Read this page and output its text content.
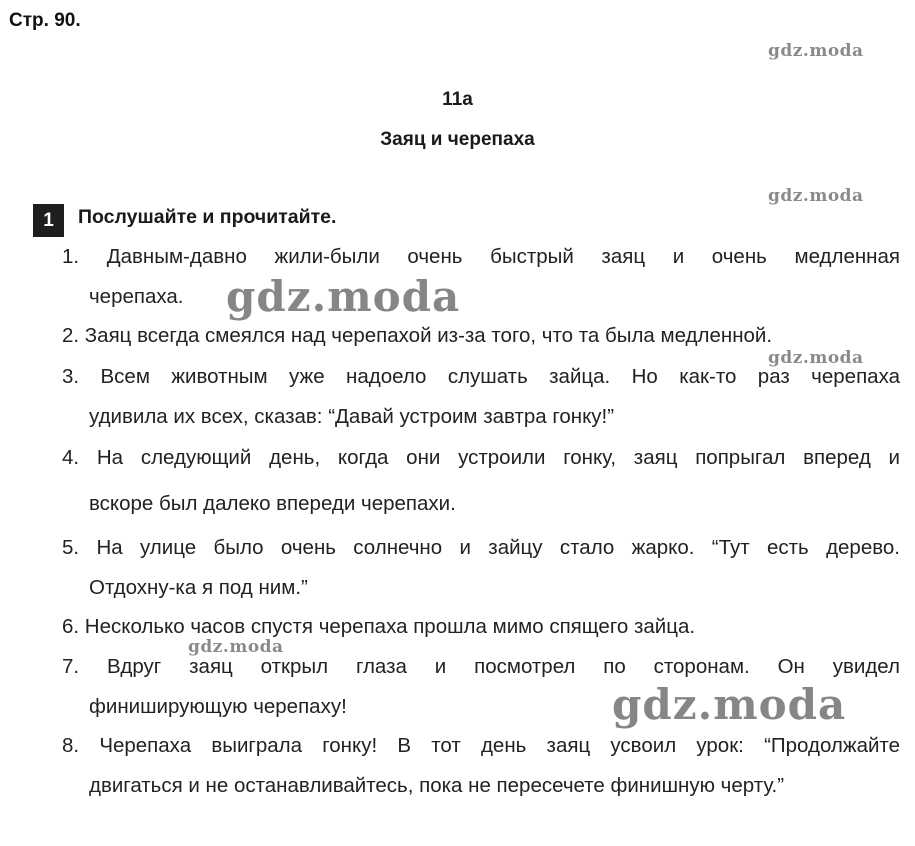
Стр. 90.
11a
Заяц и черепаха
1	Послушайте и прочитайте.
1. Давным-давно жили-были очень быстрый заяц и очень медленная
черепаха.
2. Заяц всегда смеялся над черепахой из-за того, что та была медленной.
3. Всем животным уже надоело слушать зайца. Но как-то раз черепаха
удивила их всех, сказав: “Давай устроим завтра гонку!”
4. На следующий день, когда они устроили гонку, заяц попрыгал вперед и
вскоре был далеко впереди черепахи.
5. На улице было очень солнечно и зайцу стало жарко. “Тут есть дерево.
Отдохну-ка я под ним.”
6. Несколько часов спустя черепаха прошла мимо спящего зайца.
7. Вдруг заяц открыл глаза и посмотрел по сторонам. Он увидел
финиширующую черепаху!
8. Черепаха выиграла гонку! В тот день заяц усвоил урок: “Продолжайте
двигаться и не останавливайтесь, пока не пересечете финишную черту.”
gdz.moda
gdz.moda
gdz.moda
gdz.moda
gdz.moda
gdz.moda
